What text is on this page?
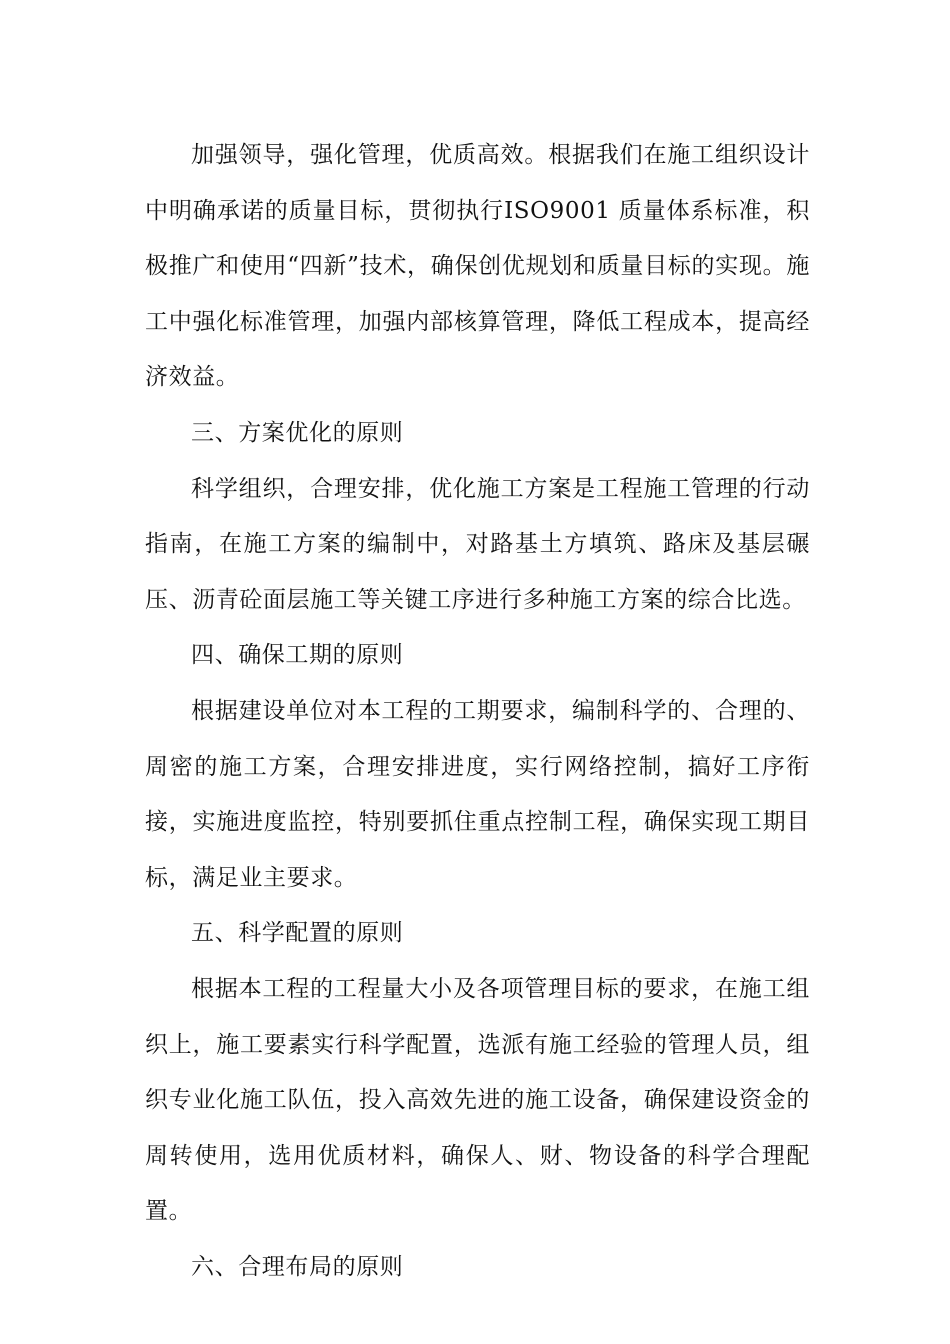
加强领导，强化管理，优质高效。根据我们在施工组织设计中明确承诺的质量目标，贯彻执行ISO9001 质量体系标准，积极推广和使用“四新”技术，确保创优规划和质量目标的实现。施工中强化标准管理，加强内部核算管理，降低工程成本，提高经济效益。

三、方案优化的原则

科学组织，合理安排，优化施工方案是工程施工管理的行动指南，在施工方案的编制中，对路基土方填筑、路床及基层碾压、沥青砼面层施工等关键工序进行多种施工方案的综合比选。

四、确保工期的原则

根据建设单位对本工程的工期要求，编制科学的、合理的、周密的施工方案，合理安排进度，实行网络控制，搞好工序衔接，实施进度监控，特别要抓住重点控制工程，确保实现工期目标，满足业主要求。

五、科学配置的原则

根据本工程的工程量大小及各项管理目标的要求，在施工组织上，施工要素实行科学配置，选派有施工经验的管理人员，组织专业化施工队伍，投入高效先进的施工设备，确保建设资金的周转使用，选用优质材料，确保人、财、物设备的科学合理配置。

六、合理布局的原则
